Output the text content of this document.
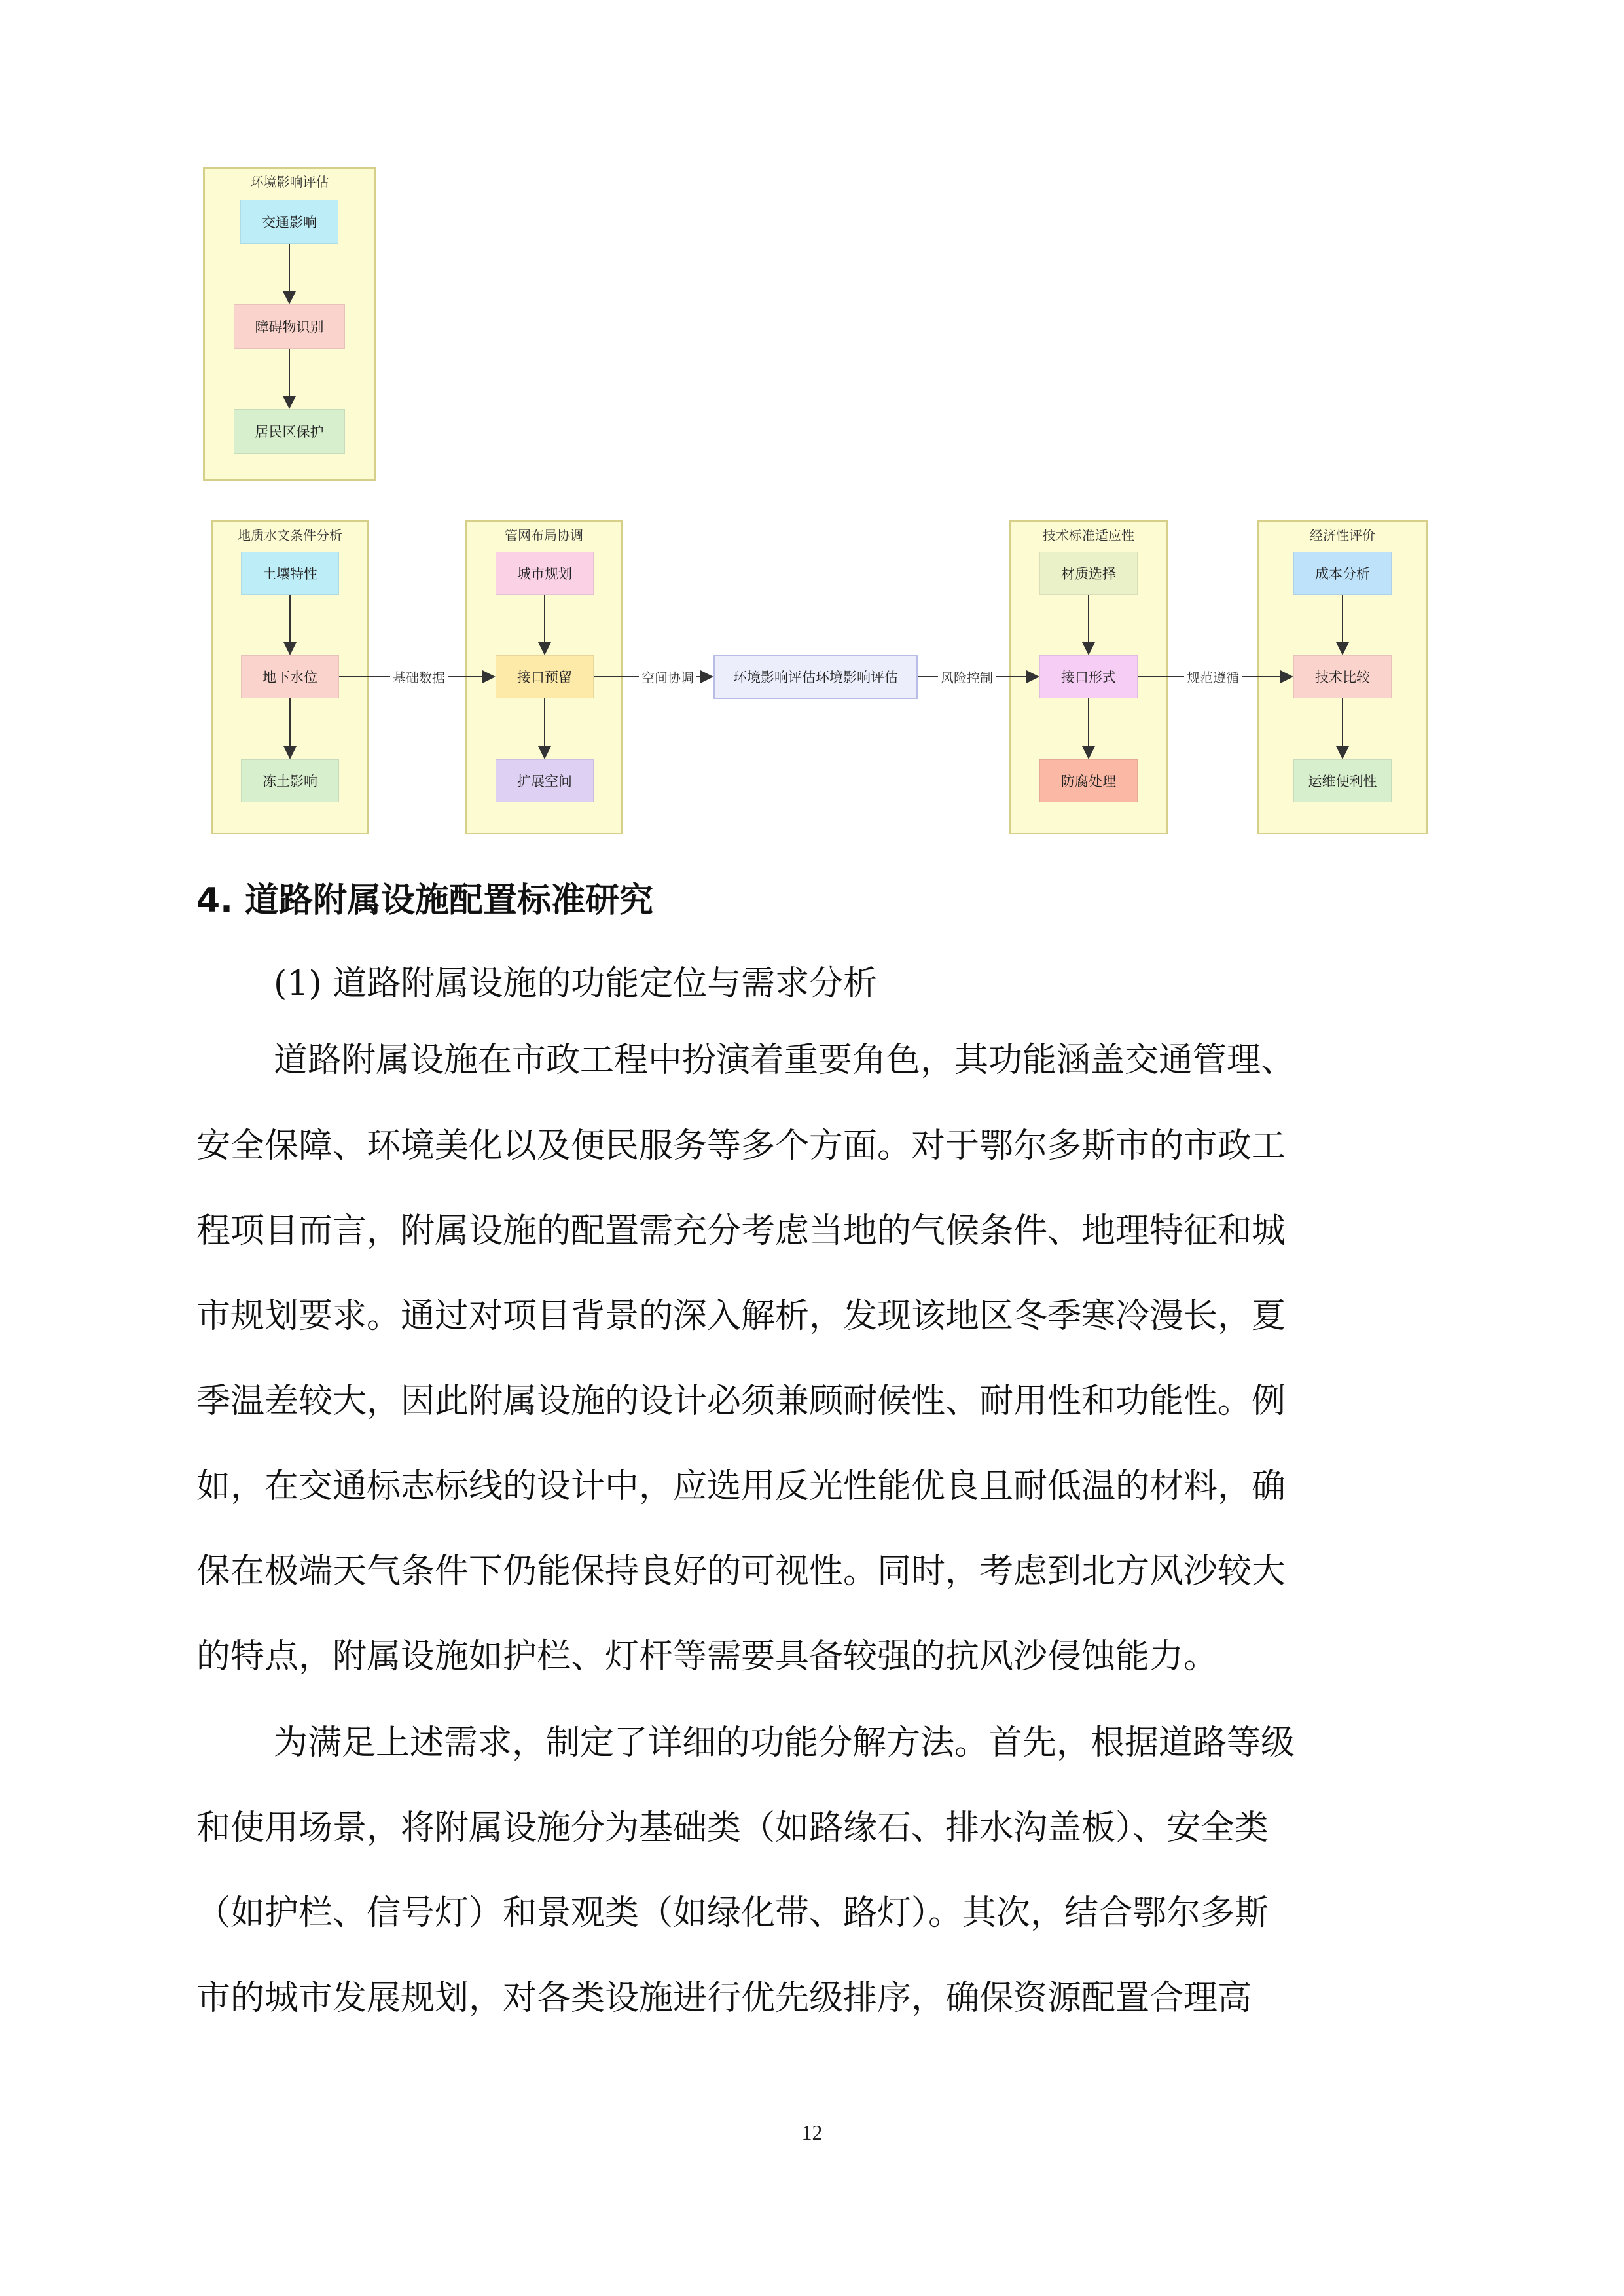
环境影响评估
交通影响
障碍物识别
居民区保护
地质水文条件分析	管网布局协调	技术标准适应性	经济性评价
土壤特性
地下水位
冻土影响
城市规划
接口预留
扩展空间
环境影响评估环境影响评估
材质选择
接口形式
防腐处理
成本分析
技术比较
运维便利性
基础数据	空间协调	风险控制	规范遵循
4. 道路附属设施配置标准研究
(1) 道路附属设施的功能定位与需求分析
道路附属设施在市政工程中扮演着重要角色，其功能涵盖交通管理、
安全保障、环境美化以及便民服务等多个方面。对于鄂尔多斯市的市政工
程项目而言，附属设施的配置需充分考虑当地的气候条件、地理特征和城
市规划要求。通过对项目背景的深入解析，发现该地区冬季寒冷漫长，夏
季温差较大，因此附属设施的设计必须兼顾耐候性、耐用性和功能性。例
如，在交通标志标线的设计中，应选用反光性能优良且耐低温的材料，确
保在极端天气条件下仍能保持良好的可视性。同时，考虑到北方风沙较大
的特点，附属设施如护栏、灯杆等需要具备较强的抗风沙侵蚀能力。
为满足上述需求，制定了详细的功能分解方法。首先，根据道路等级
和使用场景，将附属设施分为基础类（如路缘石、排水沟盖板）、安全类
（如护栏、信号灯）和景观类（如绿化带、路灯）。其次，结合鄂尔多斯
市的城市发展规划，对各类设施进行优先级排序，确保资源配置合理高
12
